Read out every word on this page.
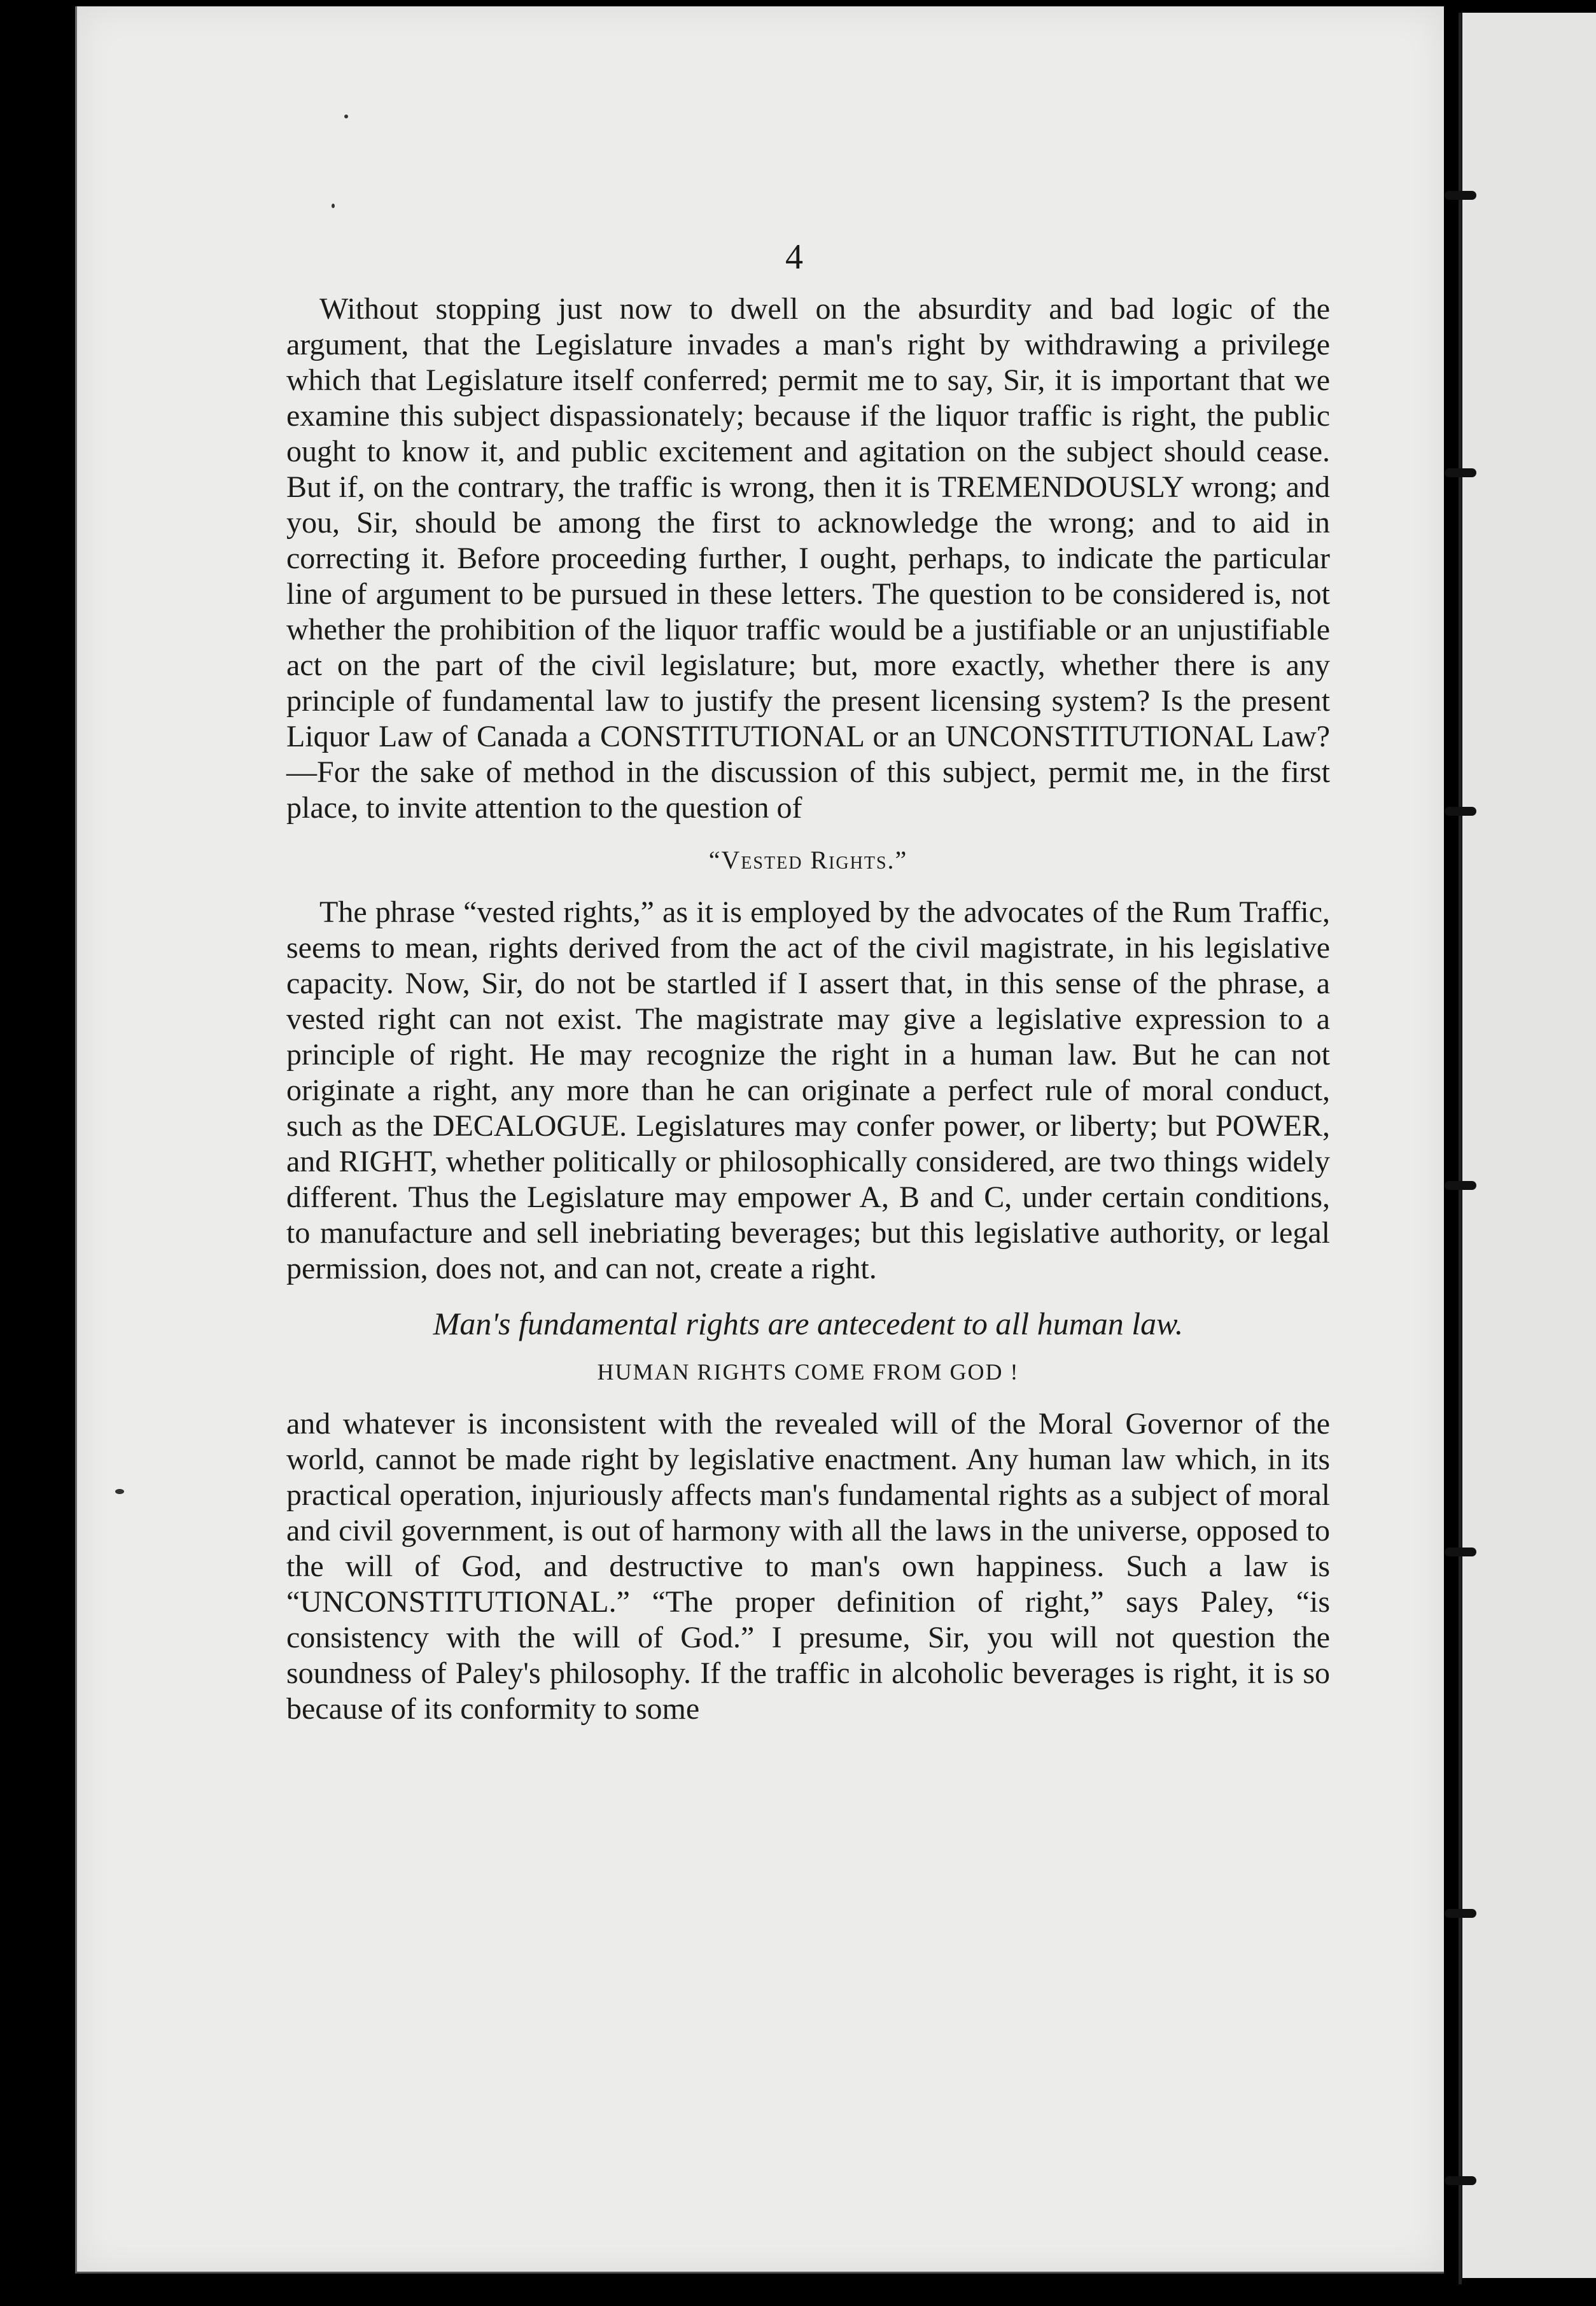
4

Without stopping just now to dwell on the absurdity and bad logic of the argument, that the Legislature invades a man's right by withdrawing a privilege which that Legislature itself conferred; permit me to say, Sir, it is important that we examine this subject dispassionately; because if the liquor traffic is right, the public ought to know it, and public excitement and agitation on the subject should cease. But if, on the contrary, the traffic is wrong, then it is TREMENDOUSLY wrong; and you, Sir, should be among the first to acknowledge the wrong; and to aid in correcting it. Before proceeding further, I ought, perhaps, to indicate the particular line of argument to be pursued in these letters. The question to be considered is, not whether the prohibition of the liquor traffic would be a justifiable or an unjustifiable act on the part of the civil legislature; but, more exactly, whether there is any principle of fundamental law to justify the present licensing system? Is the present Liquor Law of Canada a CONSTITUTIONAL or an UNCONSTITUTIONAL Law?—For the sake of method in the discussion of this subject, permit me, in the first place, to invite attention to the question of

“Vested Rights.”

The phrase “vested rights,” as it is employed by the advocates of the Rum Traffic, seems to mean, rights derived from the act of the civil magistrate, in his legislative capacity. Now, Sir, do not be startled if I assert that, in this sense of the phrase, a vested right can not exist. The magistrate may give a legislative expression to a principle of right. He may recognize the right in a human law. But he can not originate a right, any more than he can originate a perfect rule of moral conduct, such as the DECALOGUE. Legislatures may confer power, or liberty; but POWER, and RIGHT, whether politically or philosophically considered, are two things widely different. Thus the Legislature may empower A, B and C, under certain conditions, to manufacture and sell inebriating beverages; but this legislative authority, or legal permission, does not, and can not, create a right.

Man's fundamental rights are antecedent to all human law.
HUMAN RIGHTS COME FROM GOD !

and whatever is inconsistent with the revealed will of the Moral Governor of the world, cannot be made right by legislative enactment. Any human law which, in its practical operation, injuriously affects man's fundamental rights as a subject of moral and civil government, is out of harmony with all the laws in the universe, opposed to the will of God, and destructive to man's own happiness. Such a law is “UNCONSTITUTIONAL.” “The proper definition of right,” says Paley, “is consistency with the will of God.” I presume, Sir, you will not question the soundness of Paley's philosophy. If the traffic in alcoholic beverages is right, it is so because of its conformity to some
